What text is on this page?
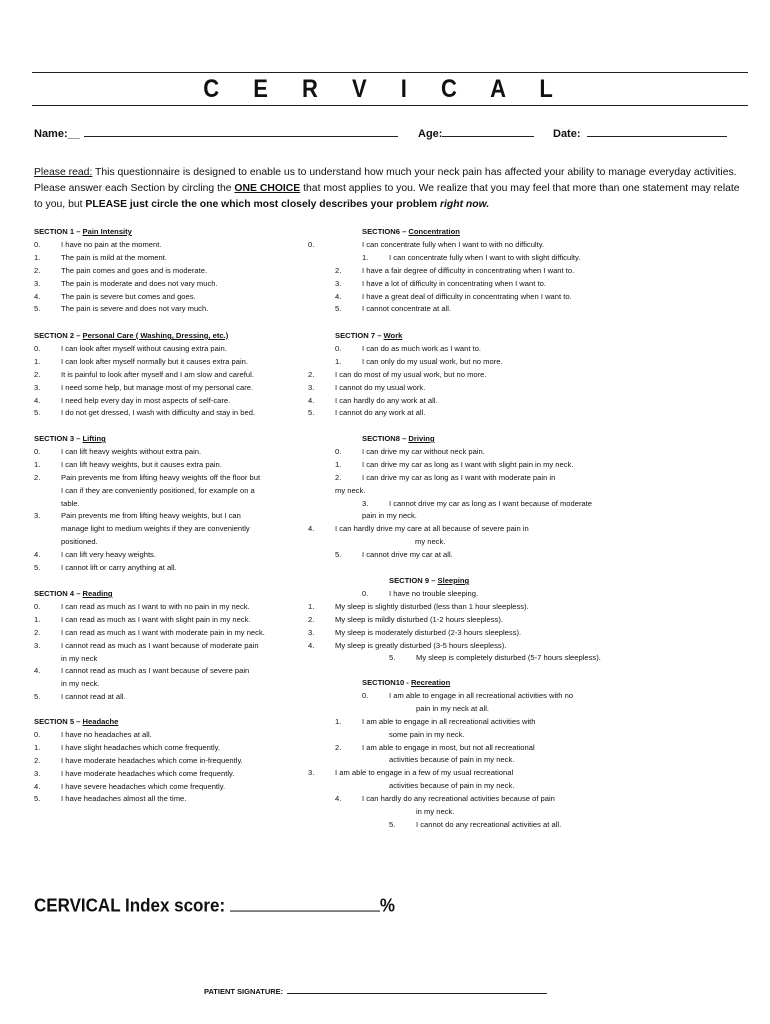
C E R V I C A L
Name:__	Age:	Date:
Please read: This questionnaire is designed to enable us to understand how much your neck pain has affected your ability to manage everyday activities. Please answer each Section by circling the ONE CHOICE that most applies to you. We realize that you may feel that more than one statement may relate to you, but PLEASE just circle the one which most closely describes your problem right now.
SECTION 1 – Pain Intensity
0.	I have no pain at the moment.
1.	The pain is mild at the moment.
2.	The pain comes and goes and is moderate.
3.	The pain is moderate and does not vary much.
4.	The pain is severe but comes and goes.
5.	The pain is severe and does not vary much.
SECTION 2 – Personal Care ( Washing, Dressing, etc.)
0.	I can look after myself without causing extra pain.
1.	I can look after myself normally but it causes extra pain.
2.	It is painful to look after myself and I am slow and careful.
3.	I need some help, but manage most of my personal care.
4.	I need help every day in most aspects of self-care.
5.	I do not get dressed, I wash with difficulty and stay in bed.
SECTION 3 – Lifting
0.	I can lift heavy weights without extra pain.
1.	I can lift heavy weights, but it causes extra pain.
2.	Pain prevents me from lifting heavy weights off the floor but
I can if they are conveniently positioned, for example on a
table.
3.	Pain prevents me from lifting heavy weights, but I can
manage light to medium weights if they are conveniently
positioned.
4.	I can lift very heavy weights.
5.	I cannot lift or carry anything at all.
SECTION 4 – Reading
0.	I can read as much as I want to with no pain in my neck.
1.	I can read as much as I want with slight pain in my neck.
2.	I can read as much as I want with moderate pain in my neck.
3.	I cannot read as much as I want because of moderate pain
in my neck
4.	I cannot read as much as I want because of severe pain
in my neck.
5.	I cannot read at all.
SECTION 5 – Headache
0.	I have no headaches at all.
1.	I have slight headaches which come frequently.
2.	I have moderate headaches which come in-frequently.
3.	I have moderate headaches which come frequently.
4.	I have severe headaches which come frequently.
5.	I have headaches almost all the time.
SECTION6 – Concentration
0.	I can concentrate fully when I want to with no difficulty.
1.	I can concentrate fully when I want to with slight difficulty.
2.	I have a fair degree of difficulty in concentrating when I want to.
3.	I have a lot of difficulty in concentrating when I want to.
4.	I have a great deal of difficulty in concentrating when I want to.
5.	I cannot concentrate at all.
SECTION 7 – Work
0.	I can do as much work as I want to.
1.	I can only do my usual work, but no more.
2.	I can do most of my usual work, but no more.
3.	I cannot do my usual work.
4.	I can hardly do any work at all.
5.	I cannot do any work at all.
SECTION8 – Driving
0.	I can drive my car without neck pain.
1.	I can drive my car as long as I want with slight pain in my neck.
2.	I can drive my car as long as I want with moderate pain in
my neck.
3.	I cannot drive my car as long as I want because of moderate
pain in my neck.
4.	I can hardly drive my care at all because of severe pain in
my neck.
5.	I cannot drive my car at all.
SECTION 9 – Sleeping
0.	I have no trouble sleeping.
1.	My sleep is slightly disturbed (less than 1 hour sleepless).
2.	My sleep is mildly disturbed (1-2 hours sleepless).
3.	My sleep is moderately disturbed (2-3 hours sleepless).
4.	My sleep is greatly disturbed (3-5 hours sleepless).
5.	My sleep is completely disturbed (5-7 hours sleepless).
SECTION10 - Recreation
0.	I am able to engage in all recreational activities with no
pain in my neck at all.
1.	I am able to engage in all recreational activities with
some pain in my neck.
2.	I am able to engage in most, but not all recreational
activities because of pain in my neck.
3.	I am able to engage in a few of my usual recreational
activities because of pain in my neck.
4.	I can hardly do any recreational activities because of pain
in my neck.
5.	I cannot do any recreational activities at all.
CERVICAL Index score:	%
PATIENT SIGNATURE:
